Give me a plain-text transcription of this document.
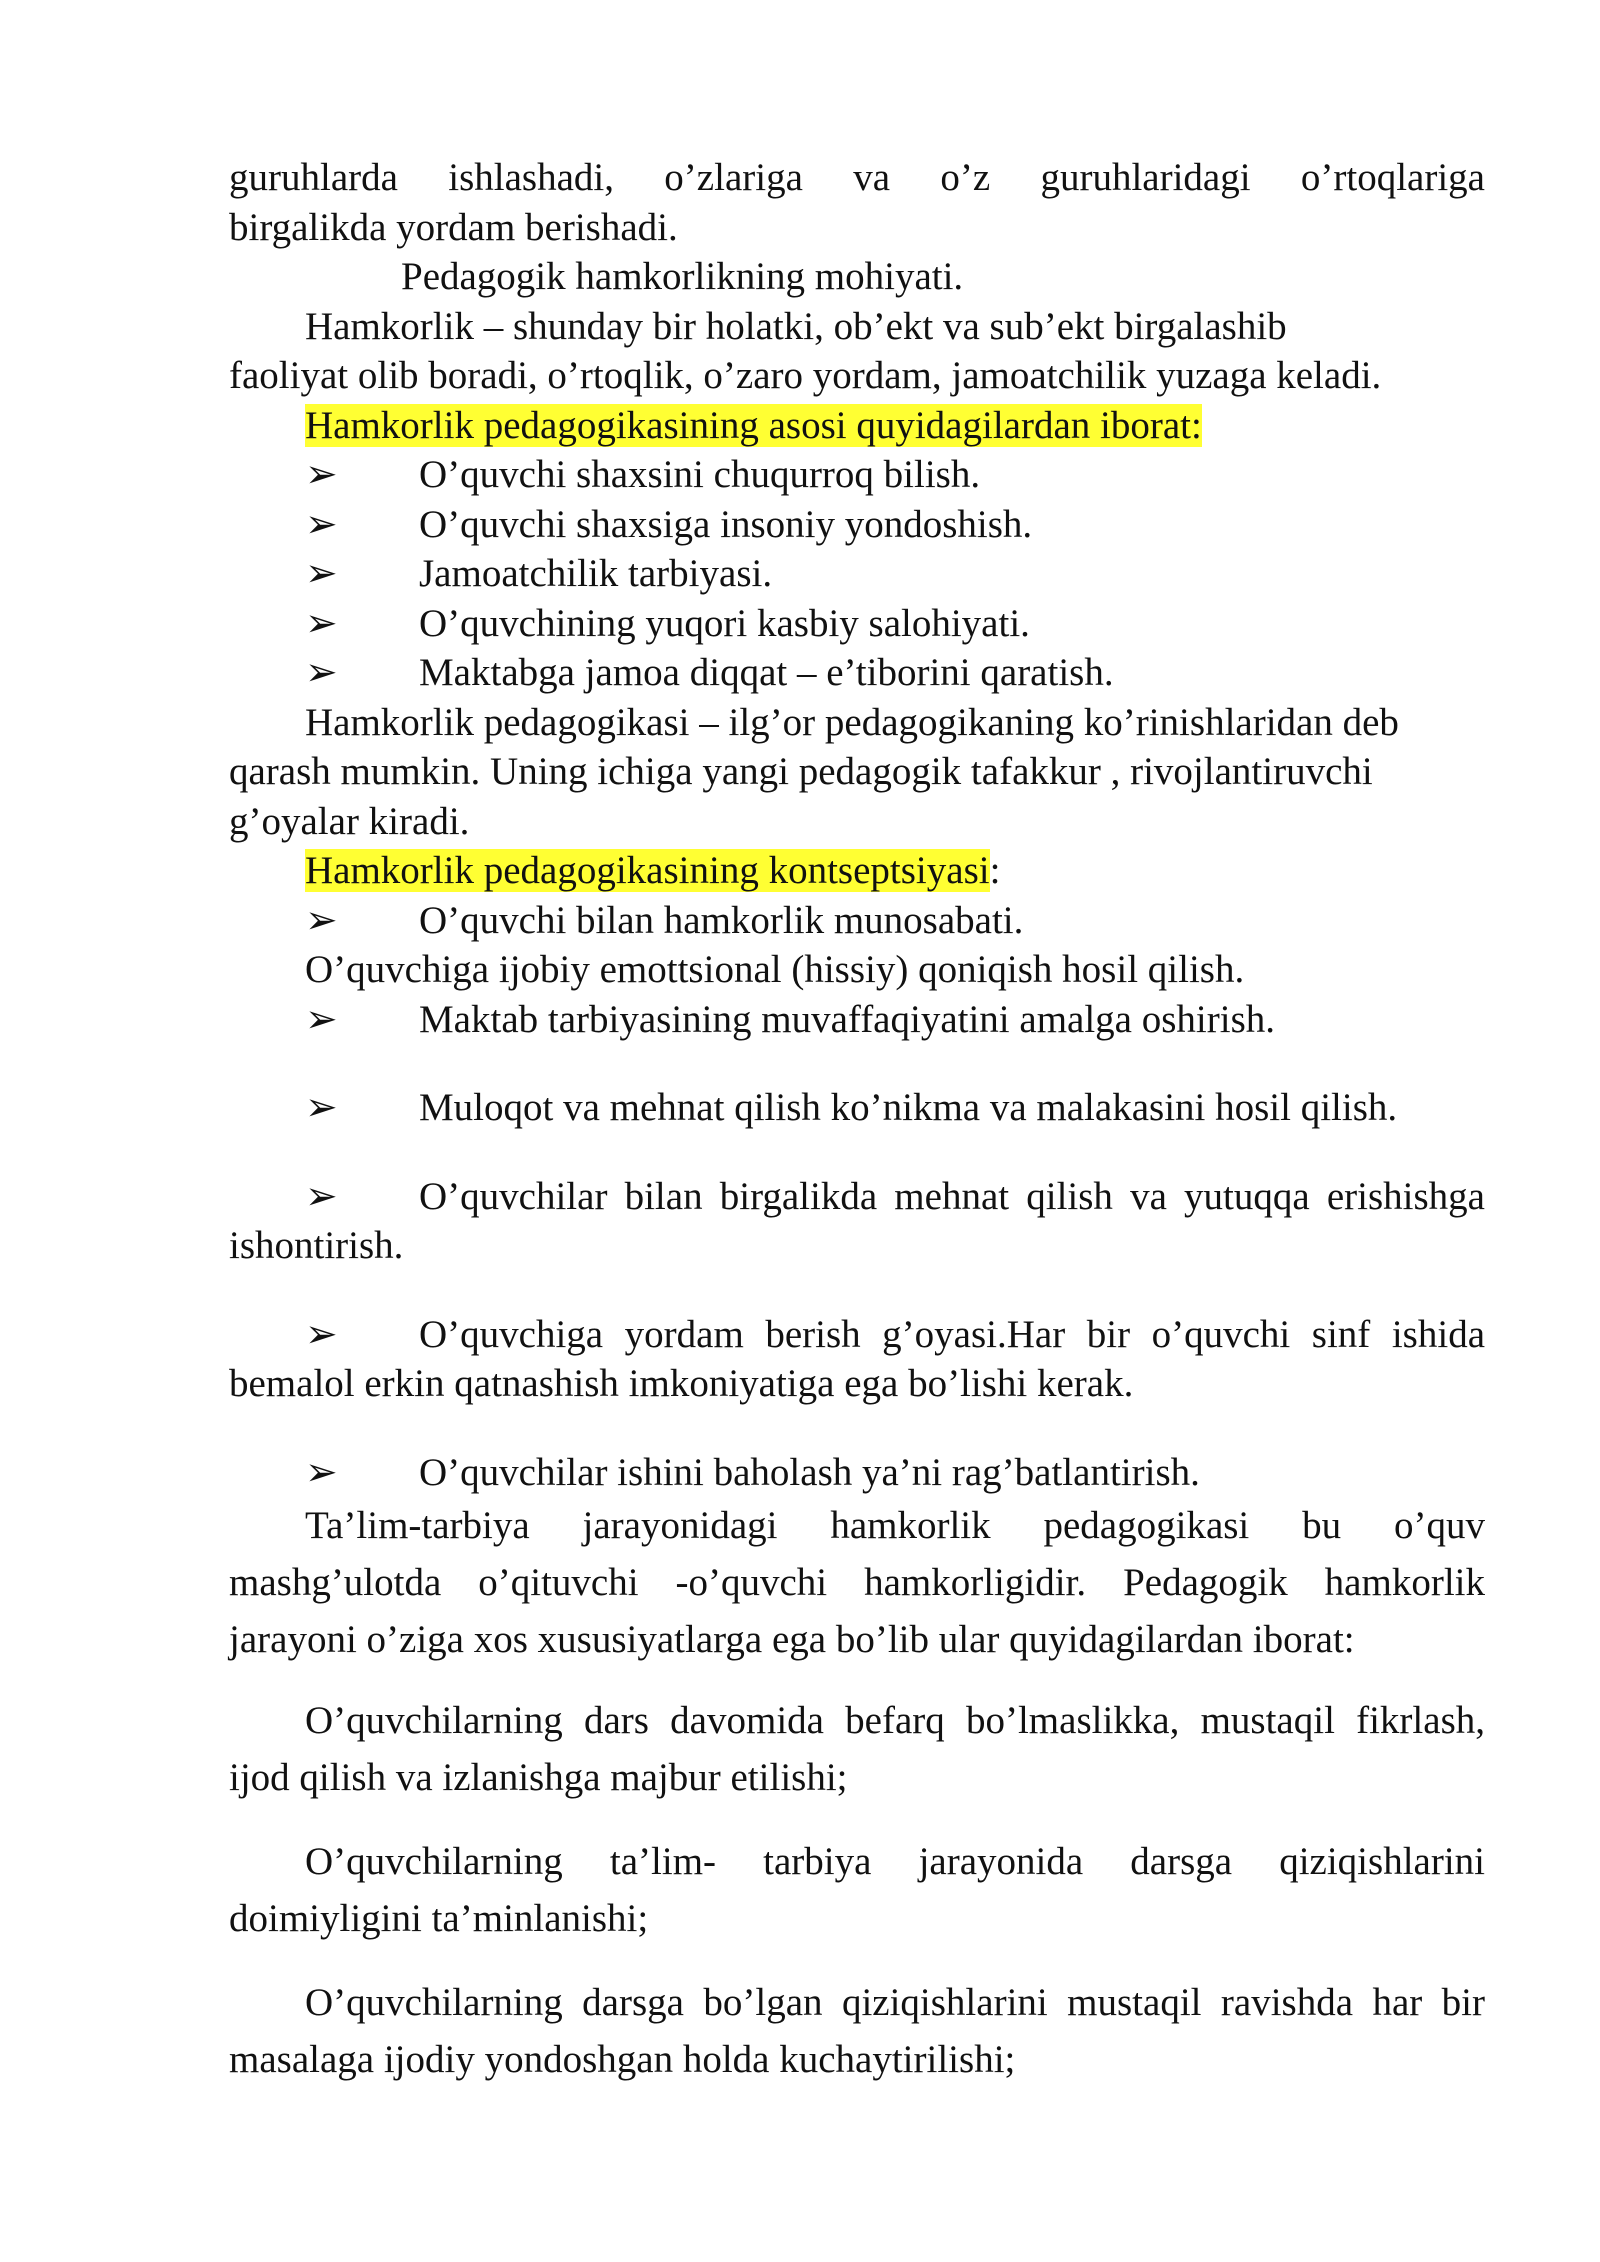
guruhlarda ishlashadi, o’zlariga va o’z guruhlaridagi o’rtoqlariga

birgalikda yordam berishadi.

Pedagogik hamkorlikning mohiyati.

Hamkorlik – shunday bir holatki, ob’ekt va sub’ekt birgalashib faoliyat olib boradi, o’rtoqlik, o’zaro yordam, jamoatchilik yuzaga keladi.

Hamkorlik pedagogikasining asosi quyidagilardan iborat:

➢	O’quvchi shaxsini chuqurroq bilish.
➢	O’quvchi shaxsiga insoniy yondoshish.
➢	Jamoatchilik tarbiyasi.
➢	O’quvchining yuqori kasbiy salohiyati.
➢	Maktabga jamoa diqqat – e’tiborini qaratish.

Hamkorlik pedagogikasi – ilg’or pedagogikaning ko’rinishlaridan deb qarash mumkin. Uning ichiga yangi pedagogik tafakkur , rivojlantiruvchi g’oyalar kiradi.

Hamkorlik pedagogikasining kontseptsiyasi:

➢	O’quvchi bilan hamkorlik munosabati.

O’quvchiga ijobiy emottsional (hissiy) qoniqish hosil qilish.

➢	Maktab tarbiyasining muvaffaqiyatini amalga oshirish.

➢ Muloqot va mehnat qilish ko’nikma va malakasini hosil qilish.

➢ O’quvchilar bilan birgalikda mehnat qilish va yutuqqa erishishga ishontirish.

➢ O’quvchiga yordam berish g’oyasi.Har bir o’quvchi sinf ishida bemalol erkin qatnashish imkoniyatiga ega bo’lishi kerak.

➢	O’quvchilar ishini baholash ya’ni rag’batlantirish.

Ta’lim-tarbiya jarayonidagi hamkorlik pedagogikasi bu o’quv mashg’ulotda o’qituvchi -o’quvchi hamkorligidir. Pedagogik hamkorlik jarayoni o’ziga xos xususiyatlarga ega bo’lib ular quyidagilardan iborat:

O’quvchilarning dars davomida befarq bo’lmaslikka, mustaqil fikrlash, ijod qilish va izlanishga majbur etilishi;

O’quvchilarning ta’lim- tarbiya jarayonida darsga qiziqishlarini doimiyligini ta’minlanishi;

O’quvchilarning darsga bo’lgan qiziqishlarini mustaqil ravishda har bir masalaga ijodiy yondoshgan holda kuchaytirilishi;
